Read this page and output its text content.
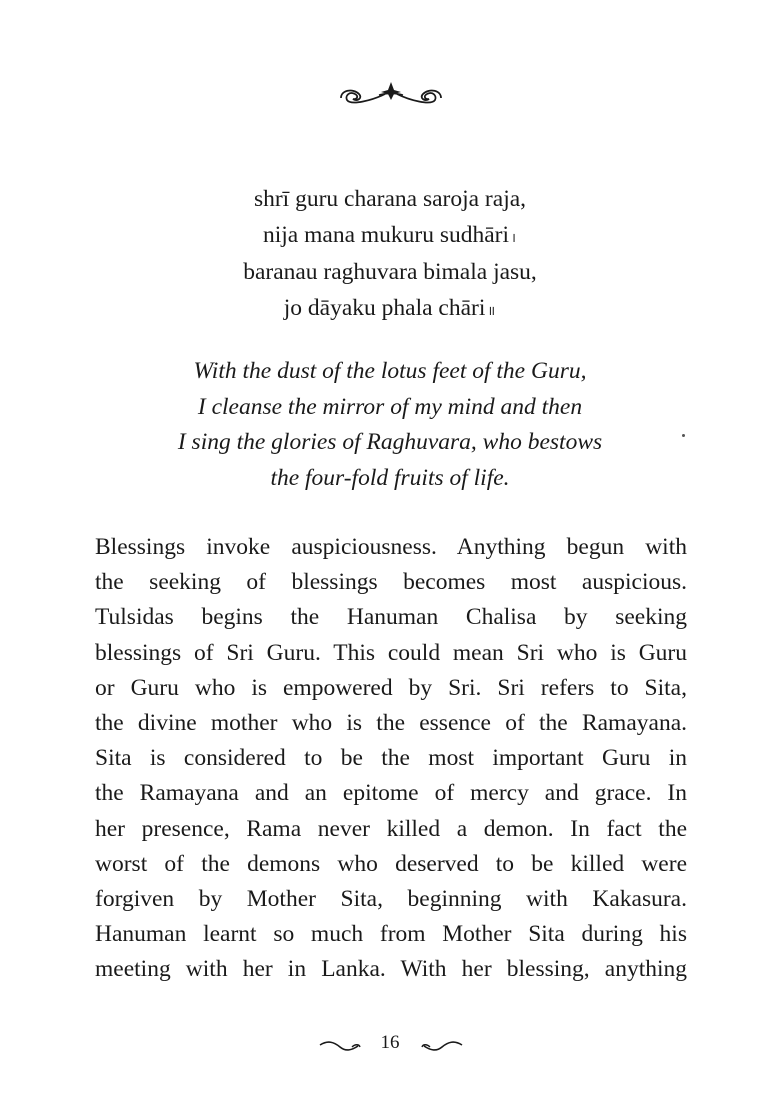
shrī guru charana saroja raja,
nija mana mukuru sudhāri ।
baranau raghuvara bimala jasu,
jo dāyaku phala chāri ॥
With the dust of the lotus feet of the Guru,
I cleanse the mirror of my mind and then
I sing the glories of Raghuvara, who bestows
the four-fold fruits of life.
Blessings invoke auspiciousness. Anything begun with
the seeking of blessings becomes most auspicious.
Tulsidas begins the Hanuman Chalisa by seeking
blessings of Sri Guru. This could mean Sri who is Guru
or Guru who is empowered by Sri. Sri refers to Sita,
the divine mother who is the essence of the Ramayana.
Sita is considered to be the most important Guru in
the Ramayana and an epitome of mercy and grace. In
her presence, Rama never killed a demon. In fact the
worst of the demons who deserved to be killed were
forgiven by Mother Sita, beginning with Kakasura.
Hanuman learnt so much from Mother Sita during his
meeting with her in Lanka. With her blessing, anything
16
